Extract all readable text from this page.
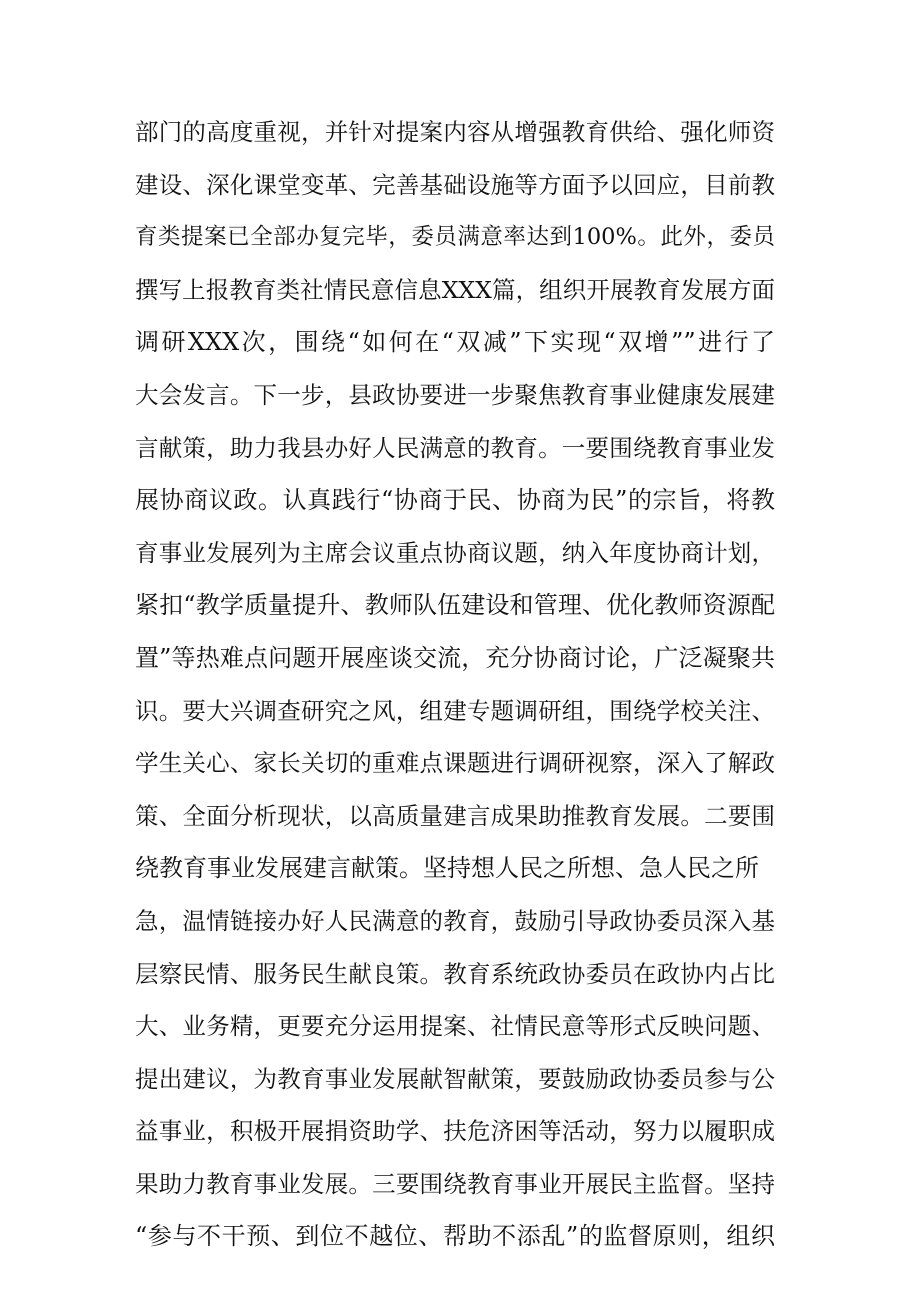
部门的高度重视，并针对提案内容从增强教育供给、强化师资
建设、深化课堂变革、完善基础设施等方面予以回应，目前教
育类提案已全部办复完毕，委员满意率达到100%。此外，委员
撰写上报教育类社情民意信息XXX篇，组织开展教育发展方面
调研XXX次，围绕“如何在“双减”下实现“双增””进行了
大会发言。下一步，县政协要进一步聚焦教育事业健康发展建
言献策，助力我县办好人民满意的教育。一要围绕教育事业发
展协商议政。认真践行“协商于民、协商为民”的宗旨，将教
育事业发展列为主席会议重点协商议题，纳入年度协商计划，
紧扣“教学质量提升、教师队伍建设和管理、优化教师资源配
置”等热难点问题开展座谈交流，充分协商讨论，广泛凝聚共
识。要大兴调查研究之风，组建专题调研组，围绕学校关注、
学生关心、家长关切的重难点课题进行调研视察，深入了解政
策、全面分析现状，以高质量建言成果助推教育发展。二要围
绕教育事业发展建言献策。坚持想人民之所想、急人民之所
急，温情链接办好人民满意的教育，鼓励引导政协委员深入基
层察民情、服务民生献良策。教育系统政协委员在政协内占比
大、业务精，更要充分运用提案、社情民意等形式反映问题、
提出建议，为教育事业发展献智献策，要鼓励政协委员参与公
益事业，积极开展捐资助学、扶危济困等活动，努力以履职成
果助力教育事业发展。三要围绕教育事业开展民主监督。坚持
“参与不干预、到位不越位、帮助不添乱”的监督原则，组织
